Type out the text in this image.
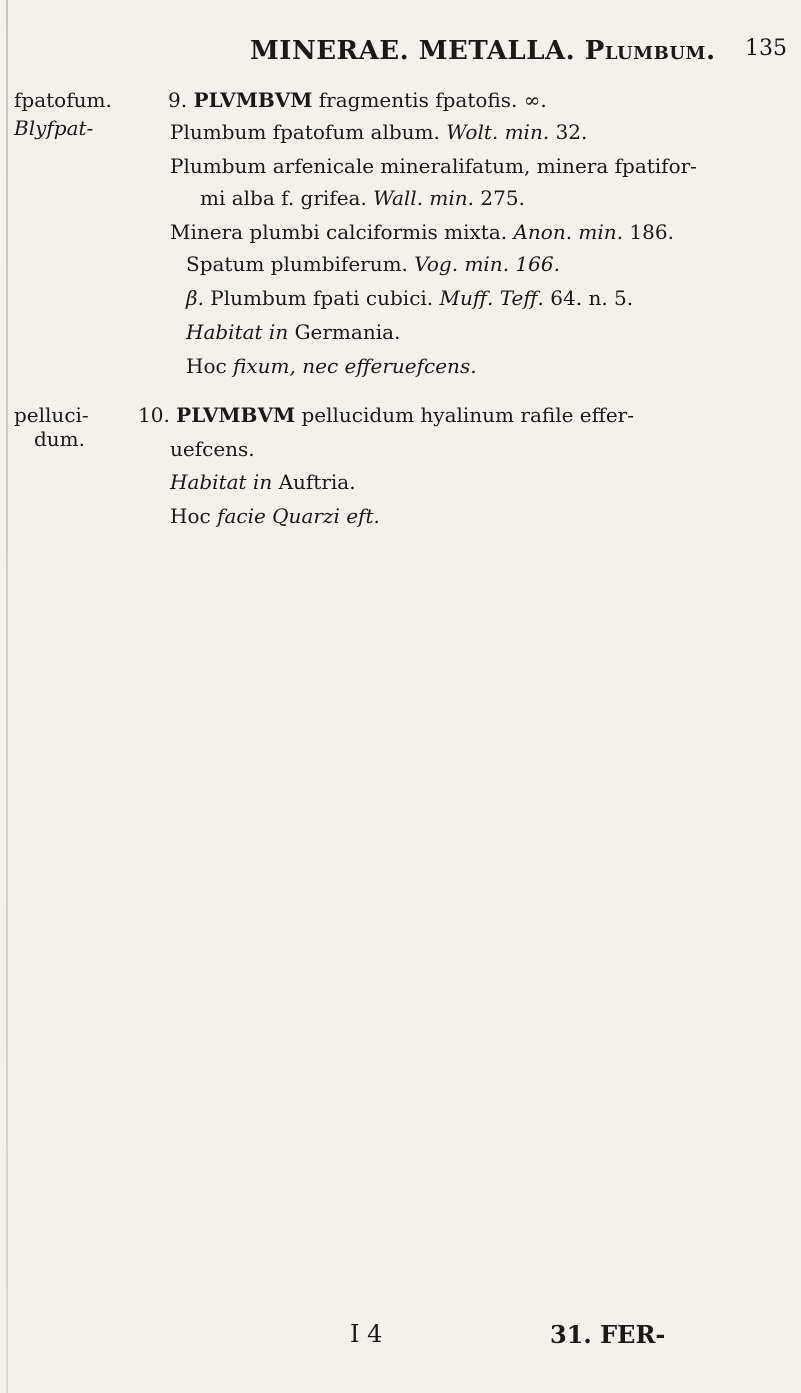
MINERAE. METALLA. Plumbum. 135
fpatofum.
Blyfpat-
pelluci-
dum.
9. PLVMBVM fragmentis fpatofis. ∞.
Plumbum fpatofum album. Wolt. min. 32.
Plumbum arfenicale mineralifatum, minera fpatifor-
mi alba f. grifea. Wall. min. 275.
Minera plumbi calciformis mixta. Anon. min. 186.
Spatum plumbiferum. Vog. min. 166.
β. Plumbum fpati cubici. Muff. Teff. 64. n. 5.
Habitat in Germania.
Hoc fixum, nec efferuefcens.
10. PLVMBVM pellucidum hyalinum rafile effer-
uefcens.
Habitat in Auftria.
Hoc facie Quarzi eft.
I 4	31. FER-
